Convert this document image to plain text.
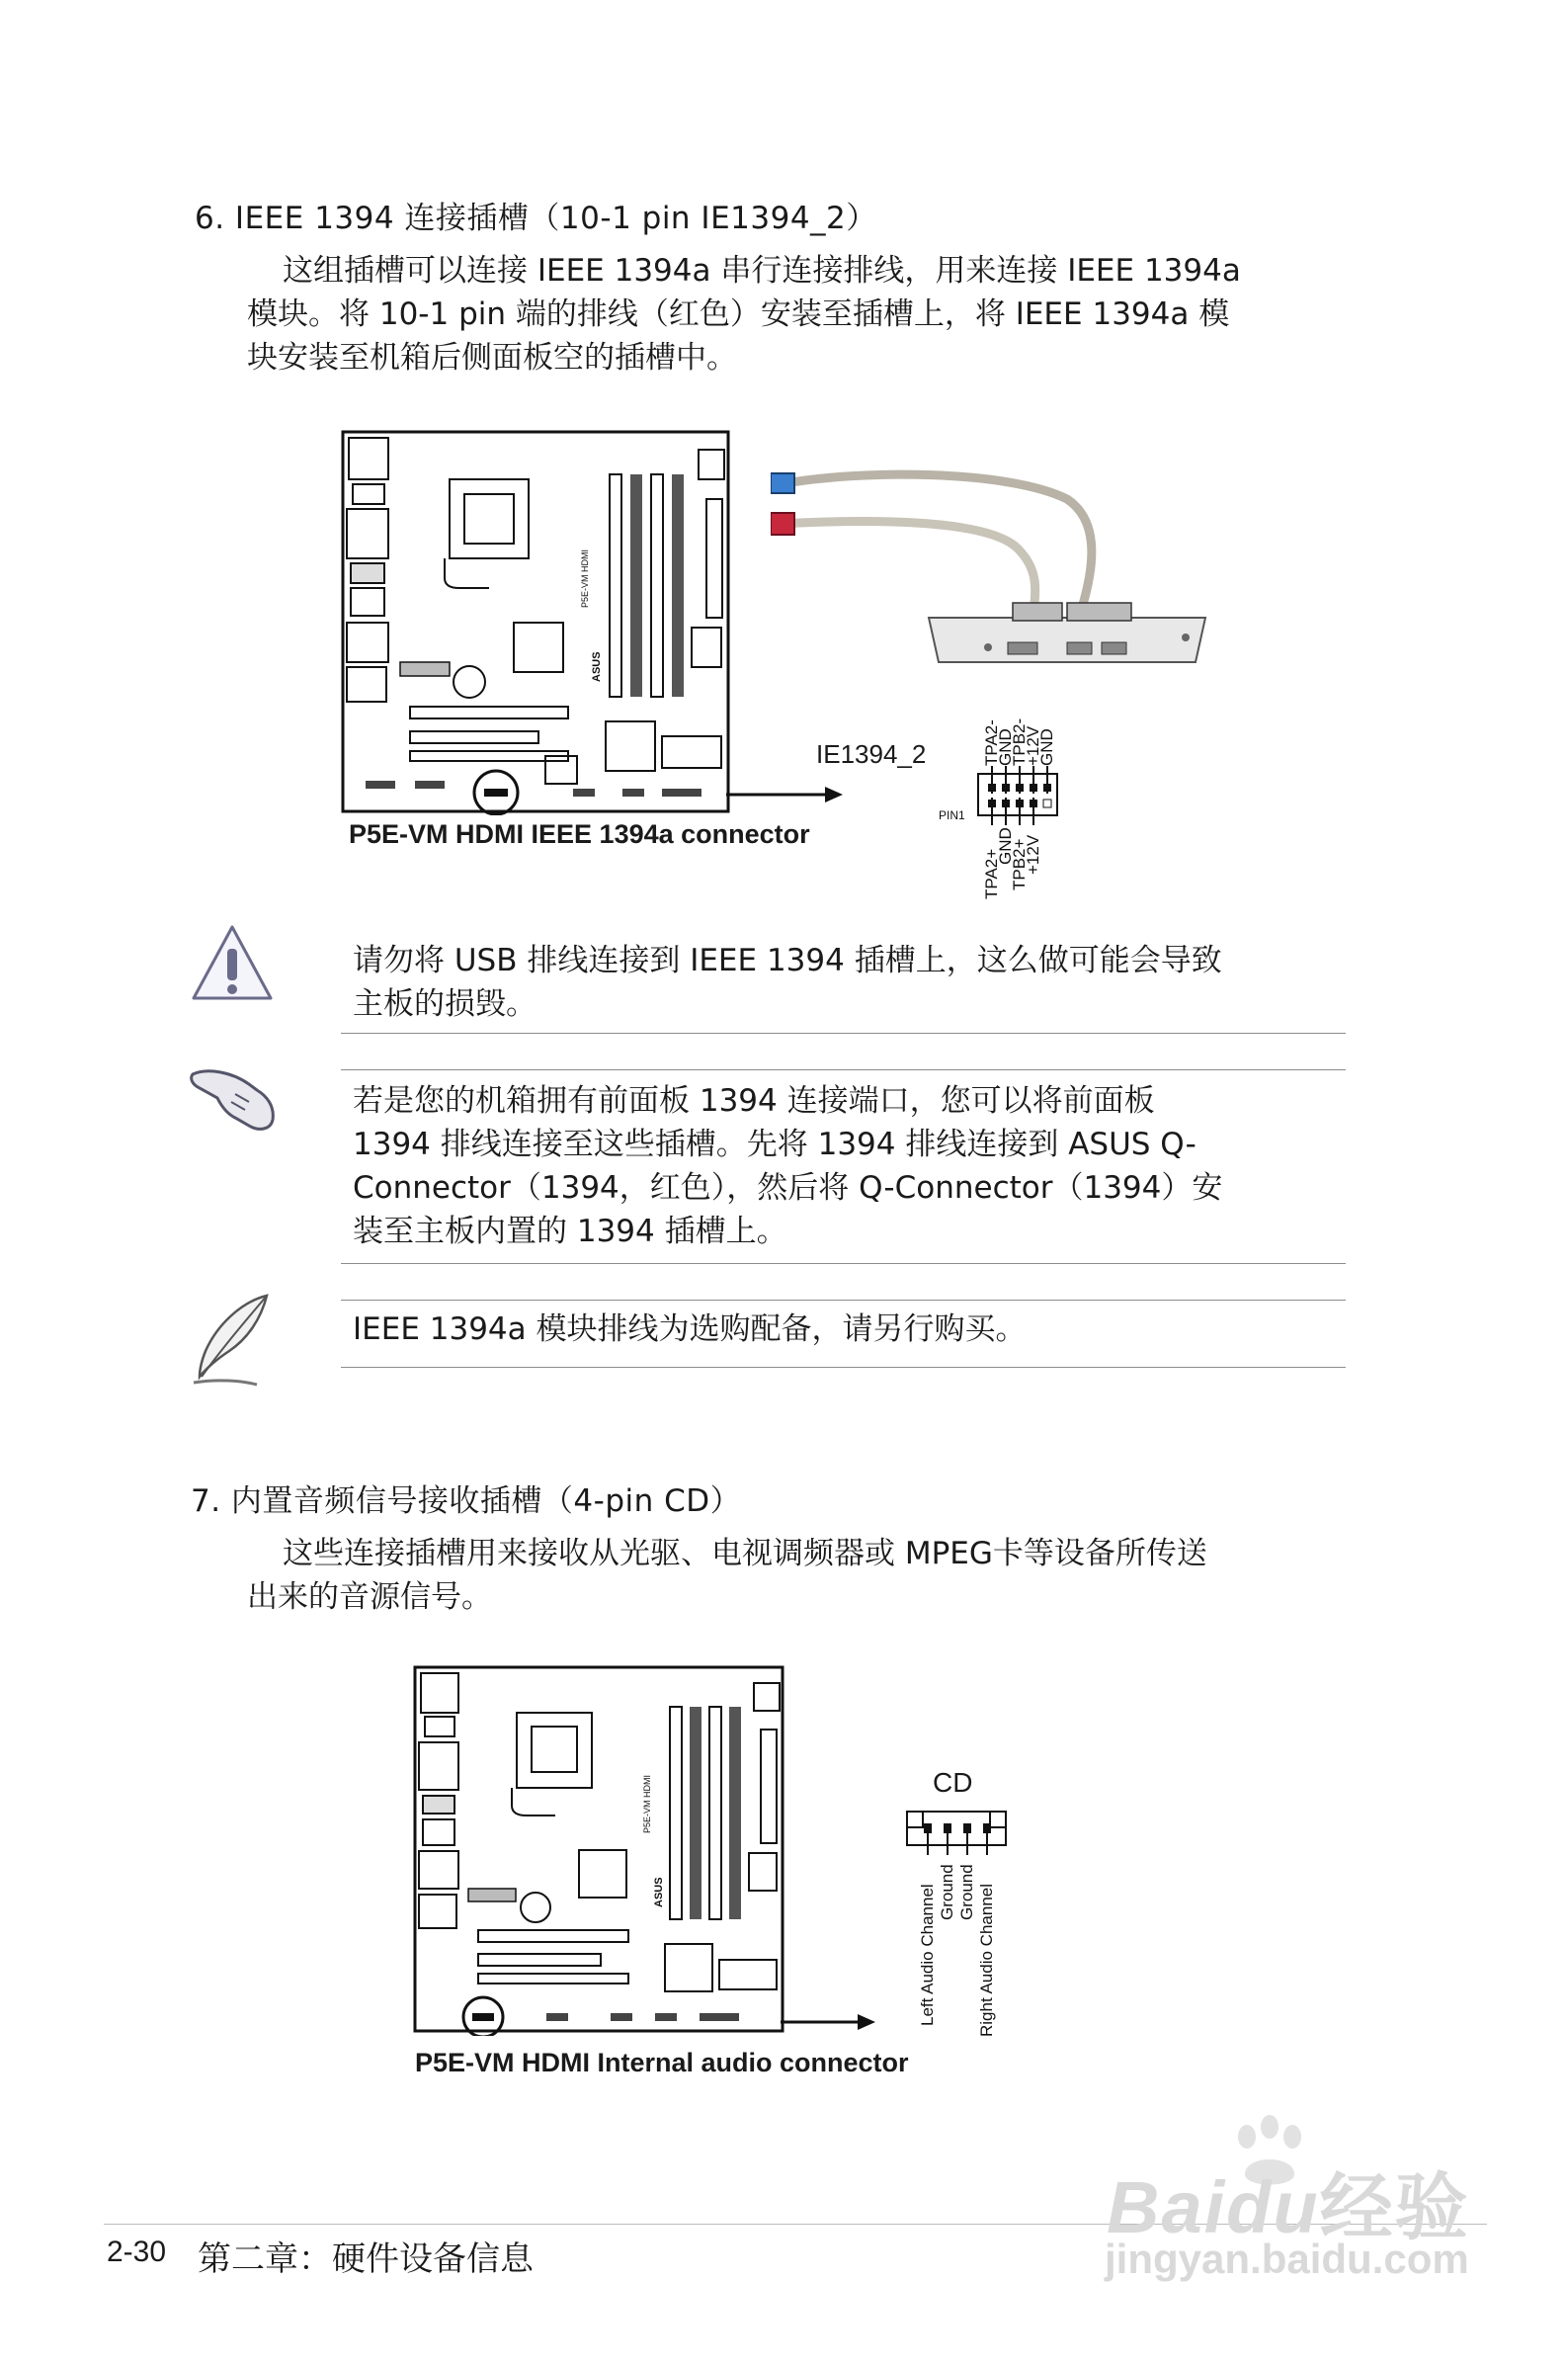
6. IEEE 1394 连接插槽（10-1 pin IE1394_2）
这组插槽可以连接 IEEE 1394a 串行连接排线，用来连接 IEEE 1394a
模块。将 10-1 pin 端的排线（红色）安装至插槽上，将 IEEE 1394a 模
块安装至机箱后侧面板空的插槽中。
P5E-VM HDMI
ASUS
IE1394_2	TPA2-
GND
TPB2-
+12V
GND
PIN1
TPA2+
GND
TPB2+
+12V
P5E-VM HDMI IEEE 1394a connector
请勿将 USB 排线连接到 IEEE 1394 插槽上，这么做可能会导致
主板的损毁。
若是您的机箱拥有前面板 1394 连接端口，您可以将前面板
1394 排线连接至这些插槽。先将 1394 排线连接到 ASUS Q-
Connector（1394，红色），然后将 Q-Connector（1394）安
装至主板内置的 1394 插槽上。
IEEE 1394a 模块排线为选购配备，请另行购买。
7. 内置音频信号接收插槽（4-pin CD）
这些连接插槽用来接收从光驱、电视调频器或 MPEG卡等设备所传送
出来的音源信号。
P5E-VM HDMI
ASUS
CD
Left Audio Channel Ground Ground Right Audio Channel
P5E-VM HDMI Internal audio connector
2-30 第二章：硬件设备信息
Baidu经验
jingyan.baidu.com
